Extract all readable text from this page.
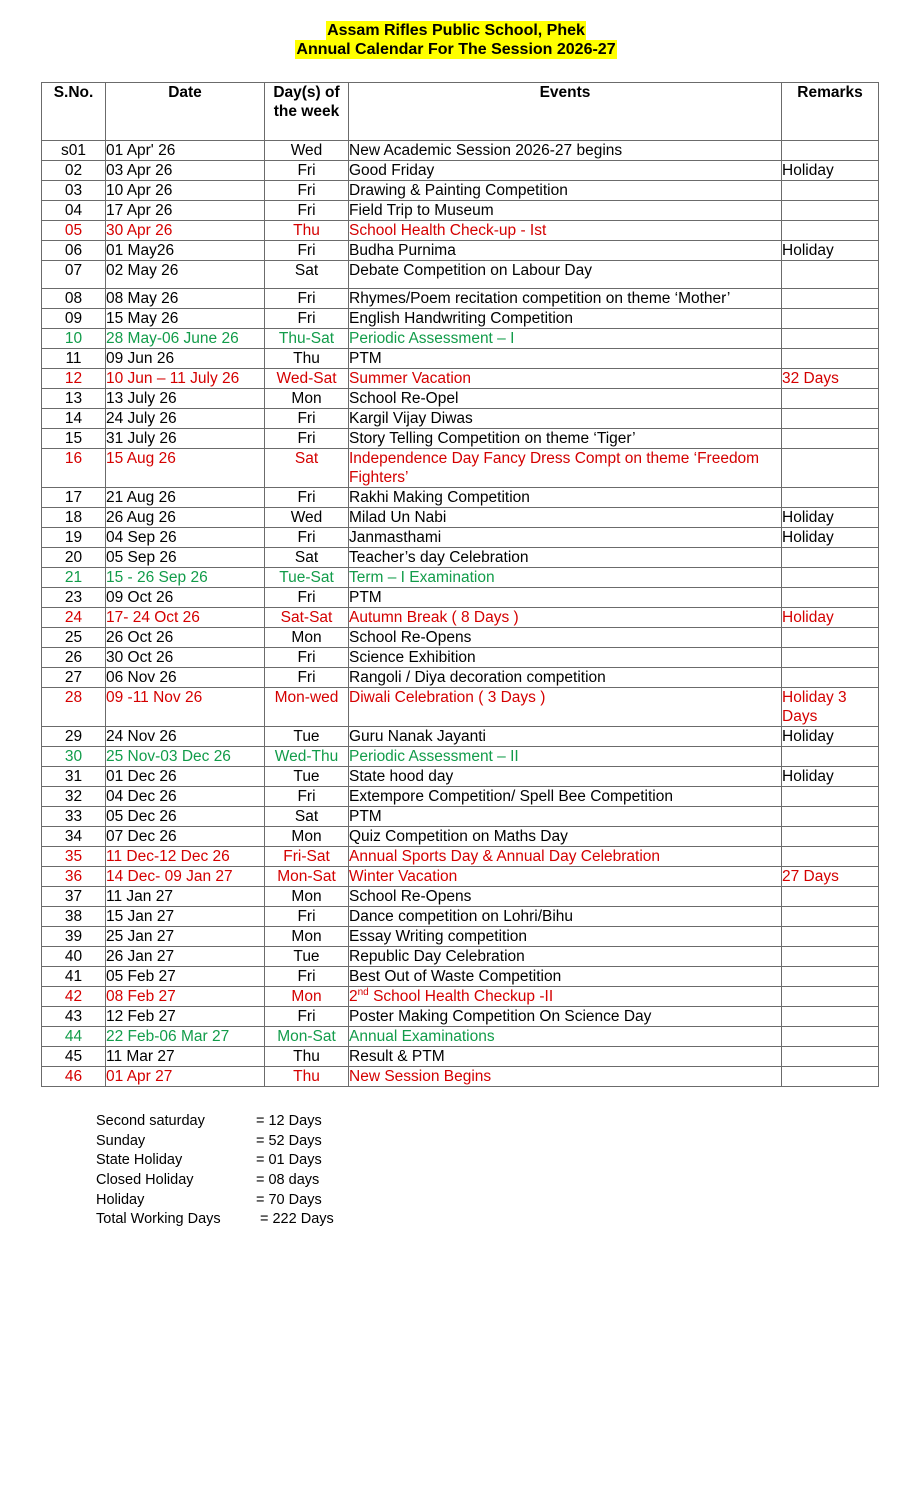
Assam Rifles Public School, Phek
Annual Calendar For The Session 2026-27
S.No.	Date	Day(s) of the week	Events	Remarks
s01	01 Apr' 26	Wed	New Academic Session 2026-27 begins	
02	03 Apr 26	Fri	Good Friday	Holiday
03	10 Apr 26	Fri	Drawing & Painting Competition	
04	17 Apr 26	Fri	Field Trip to Museum	
05	30 Apr 26	Thu	School Health Check-up - Ist	
06	01 May26	Fri	Budha Purnima	Holiday
07	02 May 26	Sat	Debate Competition on Labour Day	
08	08 May 26	Fri	Rhymes/Poem recitation competition on theme ‘Mother’	
09	15 May 26	Fri	English Handwriting Competition	
10	28 May-06 June 26	Thu-Sat	Periodic Assessment – I	
11	09 Jun 26	Thu	PTM	
12	10 Jun – 11 July 26	Wed-Sat	Summer Vacation	32 Days
13	13 July 26	Mon	School Re-Opel	
14	24 July 26	Fri	Kargil Vijay Diwas	
15	31 July 26	Fri	Story Telling Competition on theme ‘Tiger’	
16	15 Aug 26	Sat	Independence Day Fancy Dress Compt on theme ‘Freedom Fighters’	
17	21 Aug 26	Fri	Rakhi Making Competition	
18	26 Aug 26	Wed	Milad Un Nabi	Holiday
19	04 Sep 26	Fri	Janmasthami	Holiday
20	05 Sep 26	Sat	Teacher’s day Celebration	
21	15 - 26 Sep 26	Tue-Sat	Term – I Examination	
23	09 Oct 26	Fri	PTM	
24	17- 24 Oct 26	Sat-Sat	Autumn Break ( 8 Days )	Holiday
25	26 Oct 26	Mon	School Re-Opens	
26	30 Oct 26	Fri	Science Exhibition	
27	06 Nov 26	Fri	Rangoli / Diya decoration competition	
28	09 -11 Nov 26	Mon-wed	Diwali Celebration ( 3 Days )	Holiday 3 Days
29	24 Nov 26	Tue	Guru Nanak Jayanti	Holiday
30	25 Nov-03 Dec 26	Wed-Thu	Periodic Assessment – II	
31	01 Dec 26	Tue	State hood day	Holiday
32	04 Dec 26	Fri	Extempore Competition/ Spell Bee Competition	
33	05 Dec 26	Sat	PTM	
34	07 Dec 26	Mon	Quiz Competition on Maths Day	
35	11 Dec-12 Dec 26	Fri-Sat	Annual Sports Day & Annual Day Celebration	
36	14 Dec- 09 Jan 27	Mon-Sat	Winter Vacation	27 Days
37	11 Jan 27	Mon	School Re-Opens	
38	15 Jan 27	Fri	Dance competition on Lohri/Bihu	
39	25 Jan 27	Mon	Essay Writing competition	
40	26 Jan 27	Tue	Republic Day Celebration	
41	05 Feb 27	Fri	Best Out of Waste Competition	
42	08 Feb 27	Mon	2nd School Health Checkup -II	
43	12 Feb 27	Fri	Poster Making Competition On Science Day	
44	22 Feb-06 Mar 27	Mon-Sat	Annual Examinations	
45	11 Mar 27	Thu	Result & PTM	
46	01 Apr 27	Thu	New Session Begins	
Second saturday	= 12 Days
Sunday	= 52 Days
State Holiday	= 01 Days
Closed Holiday	= 08 days
Holiday	= 70 Days
Total Working Days	= 222 Days
